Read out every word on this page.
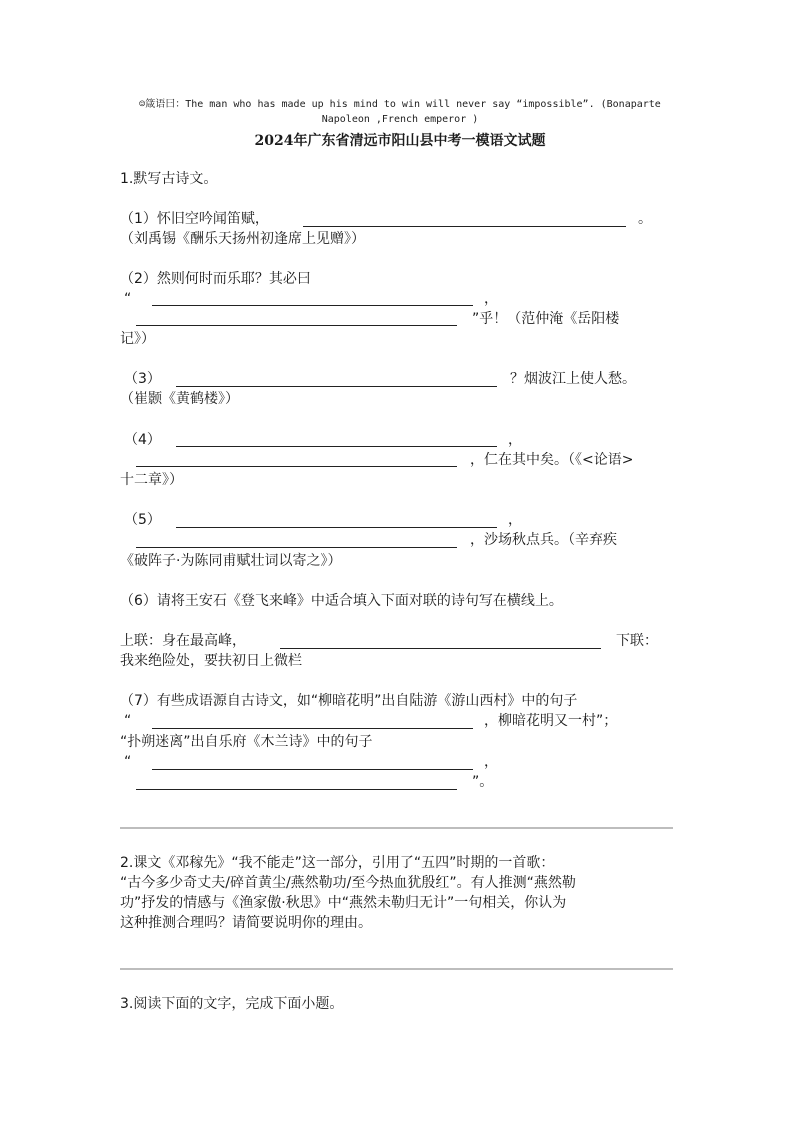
☺箴语曰：The man who has made up his mind to win will never say “impossible”. (Bonaparte
Napoleon ,French emperor )
2024年广东省清远市阳山县中考一模语文试题
1.默写古诗文。
（1）怀旧空吟闻笛赋，	。
（刘禹锡《酬乐天扬州初逢席上见赠》）
（2）然则何时而乐耶？其必曰
“	，
”乎！（范仲淹《岳阳楼
记》）
（3）	？烟波江上使人愁。
（崔颢《黄鹤楼》）
（4）	，
，仁在其中矣。（《<论语>
十二章》）
（5）	，
，沙场秋点兵。（辛弃疾
《破阵子·为陈同甫赋壮词以寄之》）
（6）请将王安石《登飞来峰》中适合填入下面对联的诗句写在横线上。
上联：身在最高峰，	下联：
我来绝险处，要扶初日上微栏
（7）有些成语源自古诗文，如“柳暗花明”出自陆游《游山西村》中的句子
“	，柳暗花明又一村”；
“扑朔迷离”出自乐府《木兰诗》中的句子
“	，
”。
2.课文《邓稼先》“我不能走”这一部分，引用了“五四”时期的一首歌：
“古今多少奇丈夫/碎首黄尘/燕然勒功/至今热血犹殷红”。有人推测“燕然勒
功”抒发的情感与《渔家傲·秋思》中“燕然未勒归无计”一句相关，你认为
这种推测合理吗？请简要说明你的理由。
3.阅读下面的文字，完成下面小题。
